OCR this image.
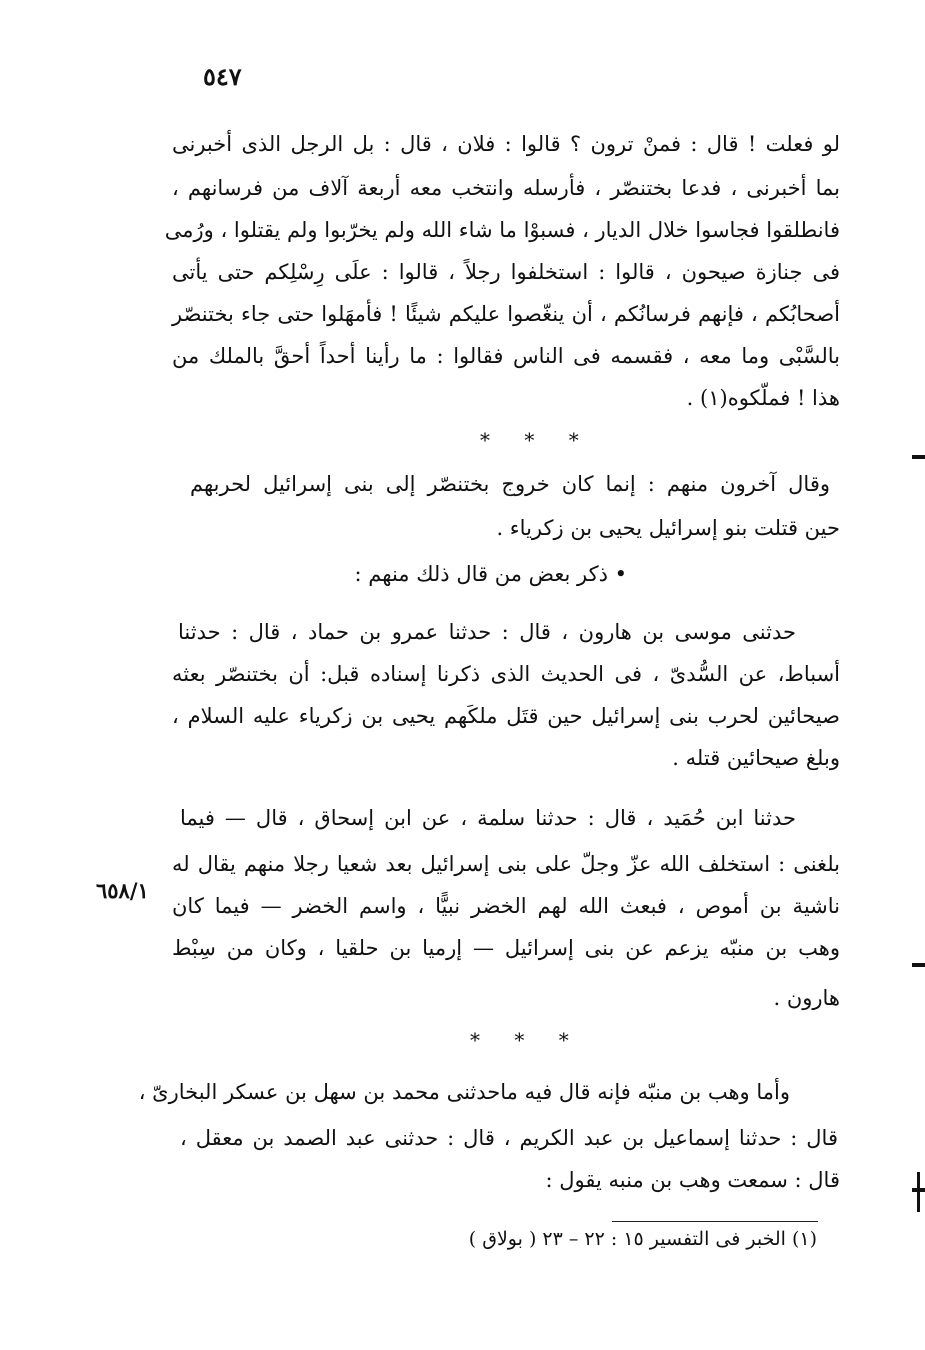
٥٤٧
لو فعلت ! قال : فمنْ ترون ؟ قالوا : فلان ، قال : بل الرجل الذى أخبرنى
بما أخبرنى ، فدعا بختنصّر ، فأرسله وانتخب معه أربعة آلاف من فرسانهم ،
فانطلقوا فجاسوا خلال الديار ، فسبوْا ما شاء الله ولم يخرّبوا ولم يقتلوا ، ورُمى
فى جنازة صيحون ، قالوا : استخلفوا رجلاً ، قالوا : علَى رِسْلِكم حتى يأتى
أصحابُكم ، فإنهم فرسانُكم ، أن ينغّصوا عليكم شيئًا ! فأمهَلوا حتى جاء بختنصّر
بالسَّبْى وما معه ، فقسمه فى الناس فقالوا : ما رأينا أحداً أحقَّ بالملك من
هذا ! فملّكوه(١) .
* * *
وقال آخرون منهم : إنما كان خروج بختنصّر إلى بنى إسرائيل لحربهم
حين قتلت بنو إسرائيل يحيى بن زكرياء .
• ذكر بعض من قال ذلك منهم :
حدثنى موسى بن هارون ، قال : حدثنا عمرو بن حماد ، قال : حدثنا
أسباط، عن السُّدىّ ، فى الحديث الذى ذكرنا إسناده قبل: أن بختنصّر بعثه
صيحائين لحرب بنى إسرائيل حين قتَل ملكَهم يحيى بن زكرياء عليه السلام ،
وبلغ صيحائين قتله .
حدثنا ابن حُمَيد ، قال : حدثنا سلمة ، عن ابن إسحاق ، قال — فيما
بلغنى : استخلف الله عزّ وجلّ على بنى إسرائيل بعد شعيا رجلا منهم يقال له
ناشية بن أموص ، فبعث الله لهم الخضر نبيًّا ، واسم الخضر — فيما كان
وهب بن منبّه يزعم عن بنى إسرائيل — إرميا بن حلقيا ، وكان من سِبْط
هارون .
٦٥٨/١
* * *
وأما وهب بن منبّه فإنه قال فيه ماحدثنى محمد بن سهل بن عسكر البخارىّ ،
قال : حدثنا إسماعيل بن عبد الكريم ، قال : حدثنى عبد الصمد بن معقل ،
قال : سمعت وهب بن منبه يقول :
(١) الخبر فى التفسير ١٥ : ٢٢ – ٢٣ ( بولاق )
